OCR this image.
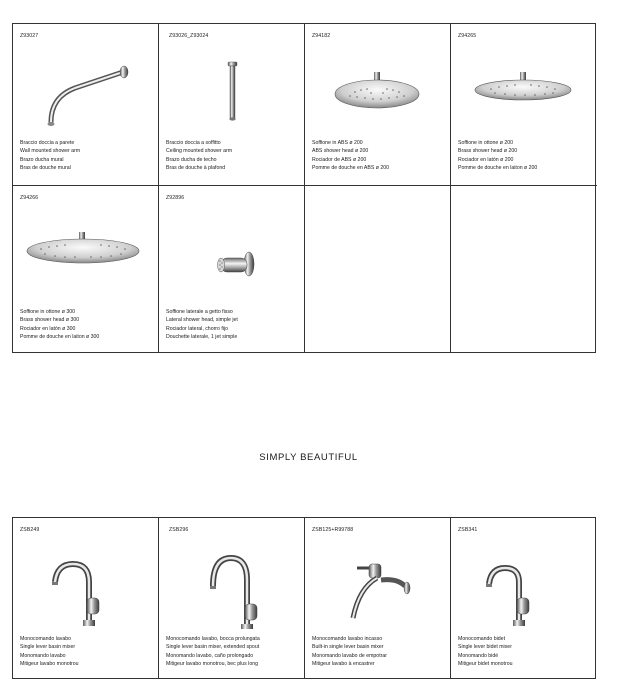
Z93027
Braccio doccia a parete
Wall mounted shower arm
Brazo ducha mural
Bras de douche mural
Z93026_Z93024
Braccio doccia a soffitto
Ceiling mounted shower arm
Brazo ducha de techo
Bras de douche à plafond
Z94182
Soffione in ABS ø 200
ABS shower head ø 200
Rociador de ABS ø 200
Pomme de douche en ABS ø 200
Z94265
Soffione in ottone ø 200
Brass shower head ø 200
Rociador en latón ø 200
Pomme de douche en laiton ø 200
Z94266
Soffione in ottone ø 300
Brass shower head ø 300
Rociador en latón ø 300
Pomme de douche en laiton ø 300
Z92896
Soffione laterale a getto fisso
Lateral shower head, simple jet
Rociador lateral, chorro fijo
Douchette laterale, 1 jet simple
SIMPLY BEAUTIFUL
ZSB249
Monocomando lavabo
Single lever basin mixer
Monomando lavabo
Mitigeur lavabo monotrou
ZSB296
Monocomando lavabo, bocca prolungata
Single lever basin mixer, extended spout
Monomando lavabo, caño prolongado
Mitigeur lavabo monotrou, bec plus long
ZSB125+R99788
Monocomando lavabo incasso
Built-in single lever basin mixer
Monomando lavabo de empotrar
Mitigeur lavabo à encastrer
ZSB341
Monocomando bidet
Single lever bidet mixer
Monomando bidé
Mitigeur bidet monotrou
